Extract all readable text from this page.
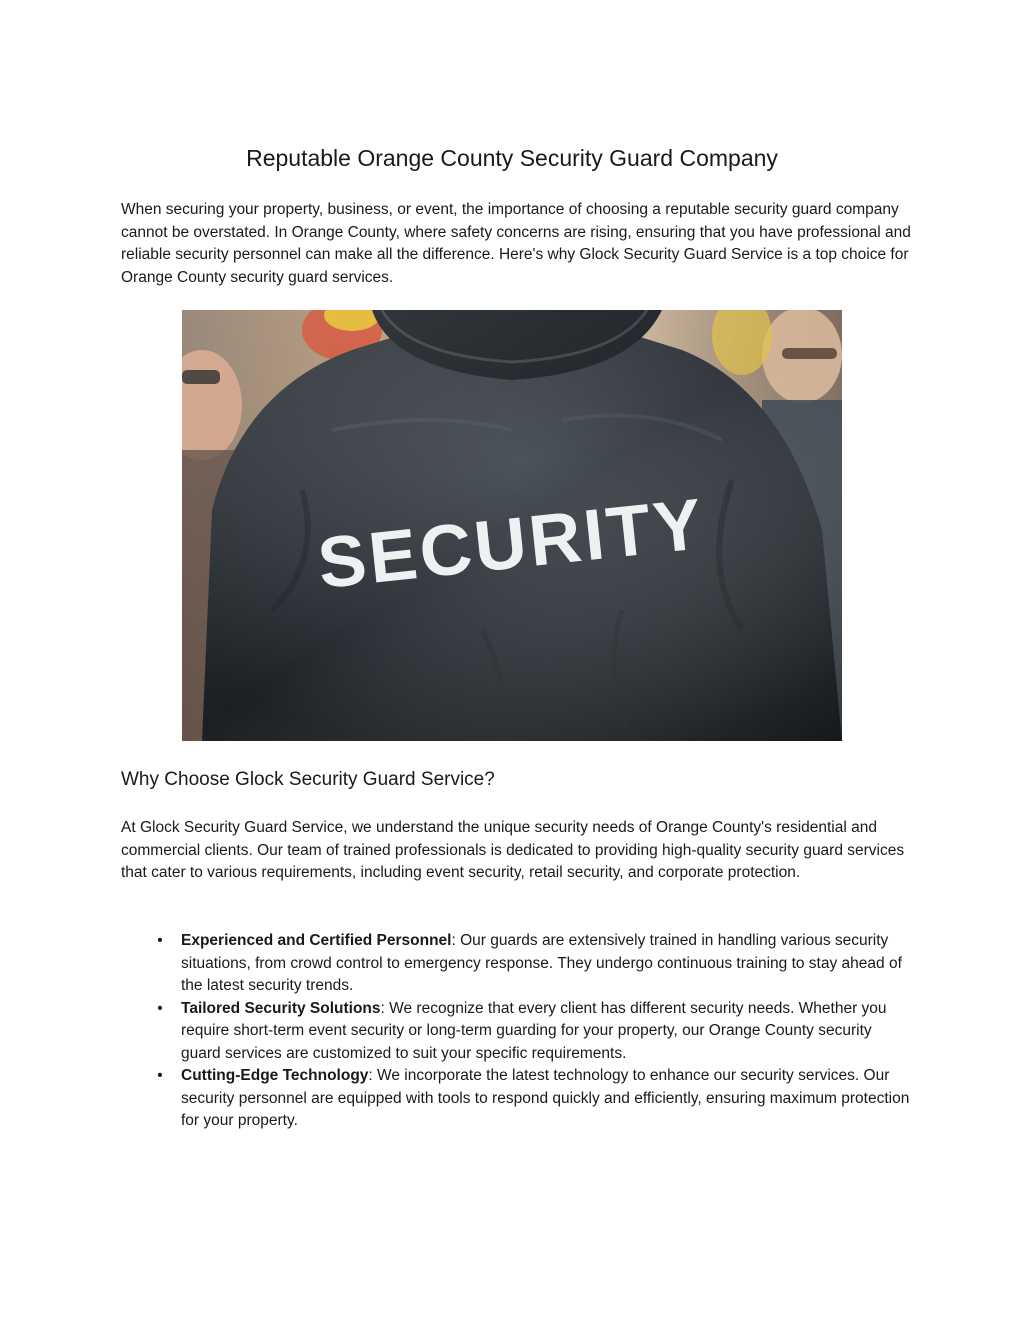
Reputable Orange County Security Guard Company

When securing your property, business, or event, the importance of choosing a reputable security guard company cannot be overstated. In Orange County, where safety concerns are rising, ensuring that you have professional and reliable security personnel can make all the difference. Here's why Glock Security Guard Service is a top choice for Orange County security guard services.

SECURITY
Why Choose Glock Security Guard Service?

At Glock Security Guard Service, we understand the unique security needs of Orange County's residential and commercial clients. Our team of trained professionals is dedicated to providing high-quality security guard services that cater to various requirements, including event security, retail security, and corporate protection.

•	Experienced and Certified Personnel: Our guards are extensively trained in handling various security situations, from crowd control to emergency response. They undergo continuous training to stay ahead of the latest security trends.
•	Tailored Security Solutions: We recognize that every client has different security needs. Whether you require short-term event security or long-term guarding for your property, our Orange County security guard services are customized to suit your specific requirements.
•	Cutting-Edge Technology: We incorporate the latest technology to enhance our security services. Our security personnel are equipped with tools to respond quickly and efficiently, ensuring maximum protection for your property.
